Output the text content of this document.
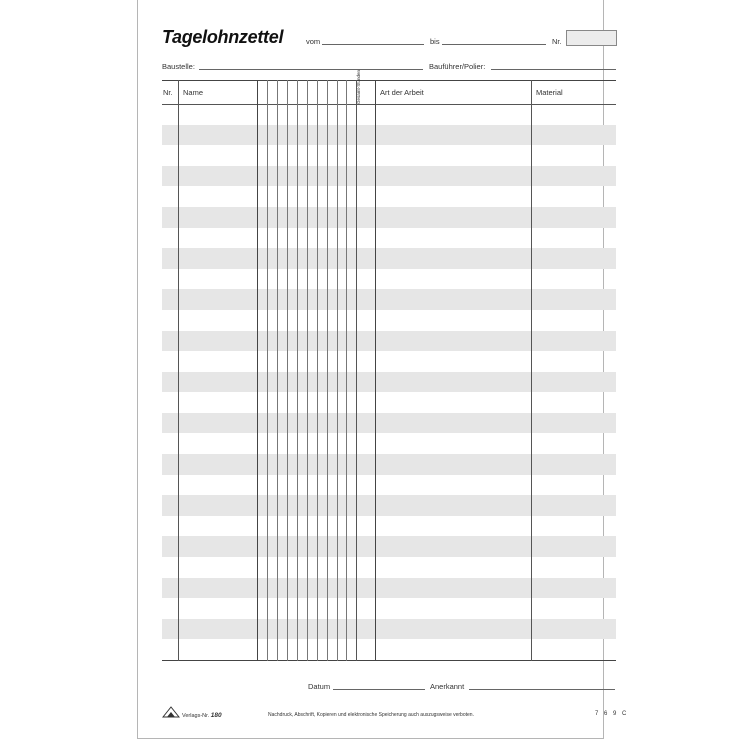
Tagelohnzettel	vom	bis	Nr.
Baustelle:	Bauführer/Polier:
Nr. Name	Gesamt-Stunden	Art der Arbeit	Material
Datum	Anerkannt
Verlags-Nr. 180	Nachdruck, Abschrift, Kopieren und elektronische Speicherung auch auszugsweise verboten.	7 6 9 C
